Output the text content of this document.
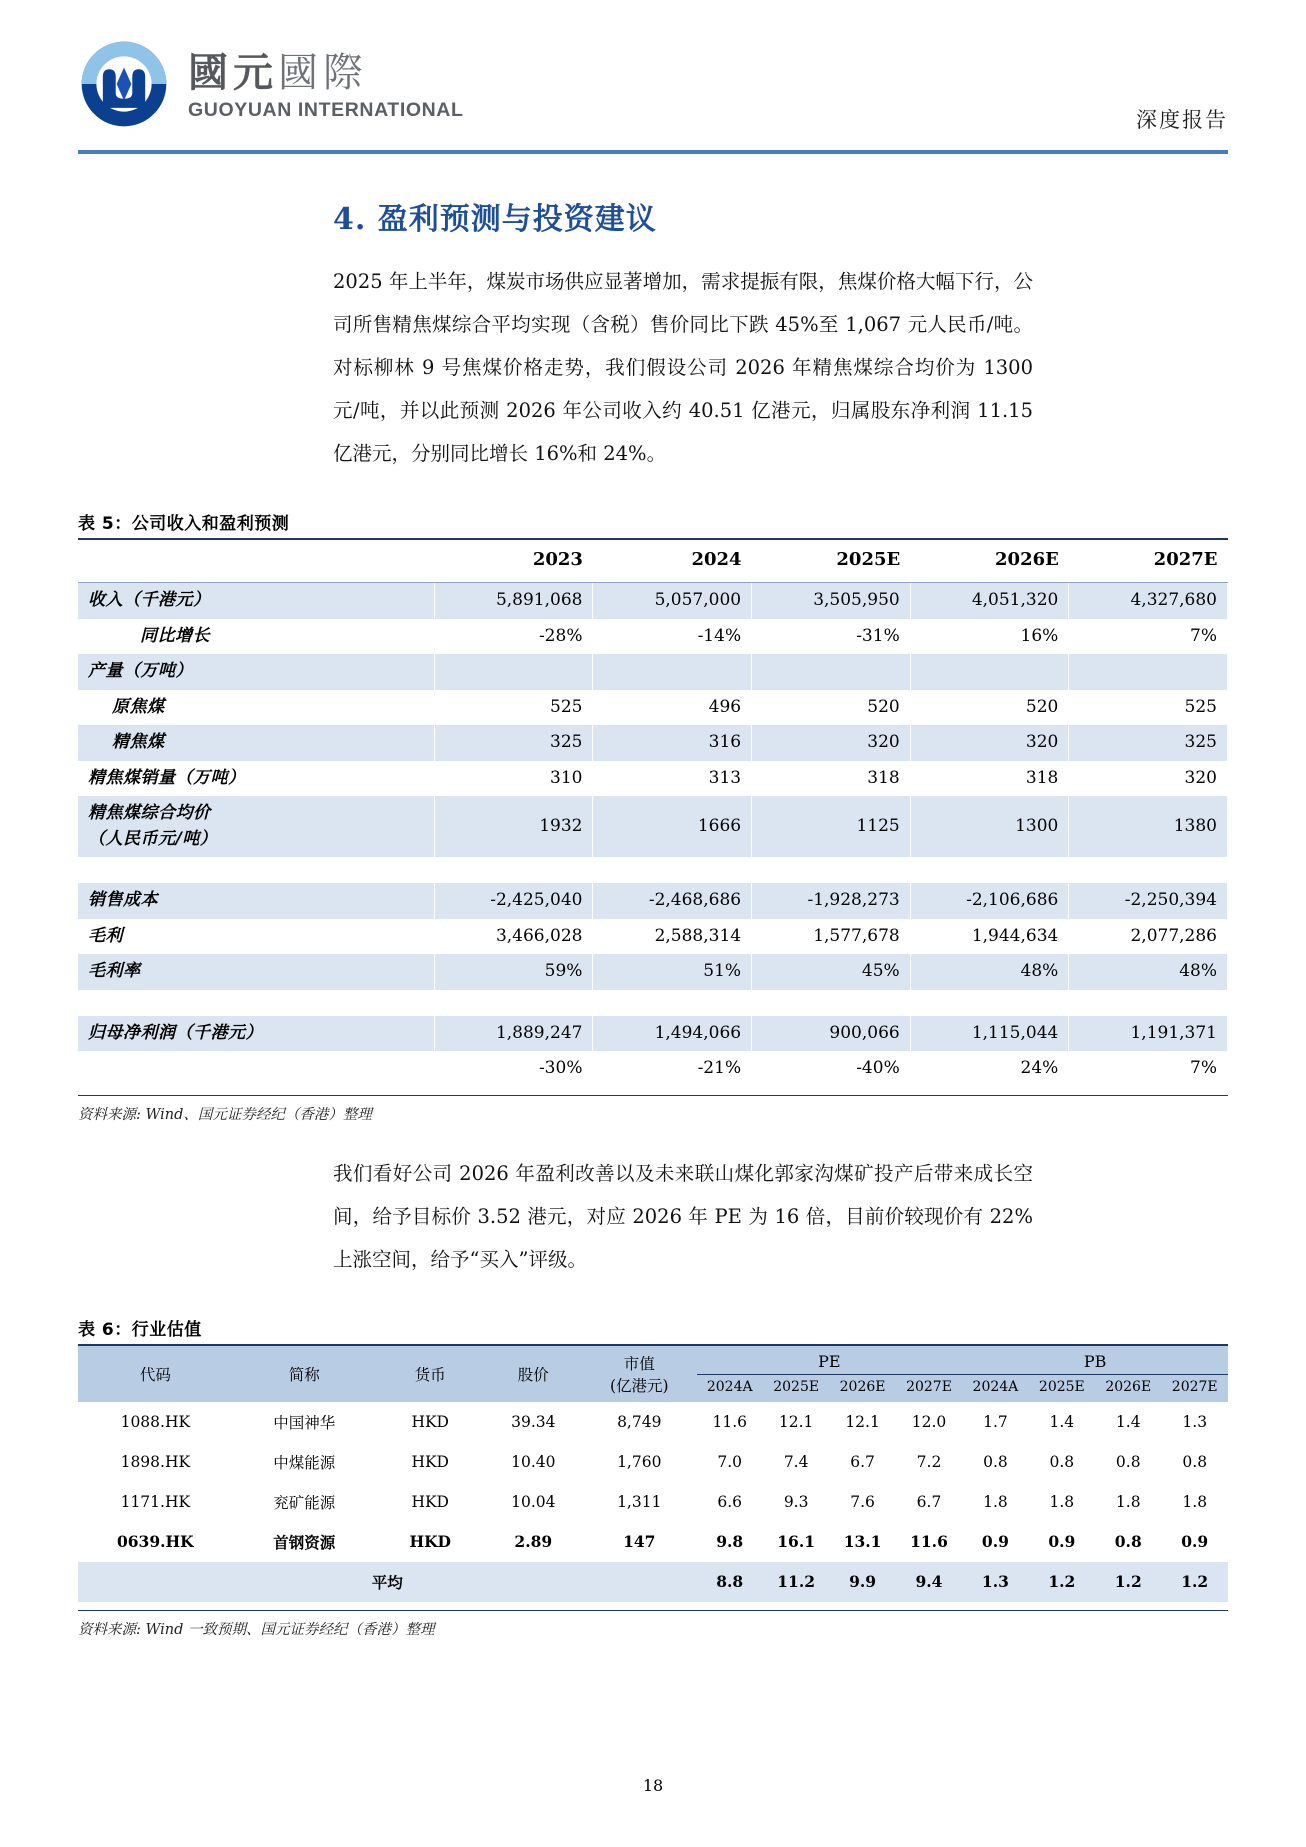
國元國際
GUOYUAN INTERNATIONAL	深度报告
4. 盈利预测与投资建议
2025 年上半年，煤炭市场供应显著增加，需求提振有限，焦煤价格大幅下行，公司所售精焦煤综合平均实现（含税）售价同比下跌 45%至 1,067 元人民币/吨。对标柳林 9 号焦煤价格走势，我们假设公司 2026 年精焦煤综合均价为 1300 元/吨，并以此预测 2026 年公司收入约 40.51 亿港元，归属股东净利润 11.15 亿港元，分别同比增长 16%和 24%。
表 5：公司收入和盈利预测
	2023	2024	2025E	2026E	2027E
收入（千港元）	5,891,068	5,057,000	3,505,950	4,051,320	4,327,680
同比增长	-28%	-14%	-31%	16%	7%
产量（万吨）					
原焦煤	525	496	520	520	525
精焦煤	325	316	320	320	325
精焦煤销量（万吨）	310	313	318	318	320

精焦煤综合均价
（人民币元/吨）	1932	1666	1125	1300	1380

销售成本	-2,425,040	-2,468,686	-1,928,273	-2,106,686	-2,250,394
毛利	3,466,028	2,588,314	1,577,678	1,944,634	2,077,286
毛利率	59%	51%	45%	48%	48%

归母净利润（千港元）	1,889,247	1,494,066	900,066	1,115,044	1,191,371
	-30%	-21%	-40%	24%	7%
资料来源: Wind、国元证券经纪（香港）整理
我们看好公司 2026 年盈利改善以及未来联山煤化郭家沟煤矿投产后带来成长空间，给予目标价 3.52 港元，对应 2026 年 PE 为 16 倍，目前价较现价有 22%上涨空间，给予“买入”评级。
表 6：行业估值
代码	简称	货币	股价	市值
(亿港元)	PE				PB			
					2024A	2025E	2026E	2027E	2024A	2025E	2026E	2027E
1088.HK	中国神华	HKD	39.34	8,749	11.6	12.1	12.1	12.0	1.7	1.4	1.4	1.3
1898.HK	中煤能源	HKD	10.40	1,760	7.0	7.4	6.7	7.2	0.8	0.8	0.8	0.8
1171.HK	兖矿能源	HKD	10.04	1,311	6.6	9.3	7.6	6.7	1.8	1.8	1.8	1.8
0639.HK	首钢资源	HKD	2.89	147	9.8	16.1	13.1	11.6	0.9	0.9	0.8	0.9
平均					8.8	11.2	9.9	9.4	1.3	1.2	1.2	1.2
资料来源: Wind 一致预期、国元证券经纪（香港）整理
18
